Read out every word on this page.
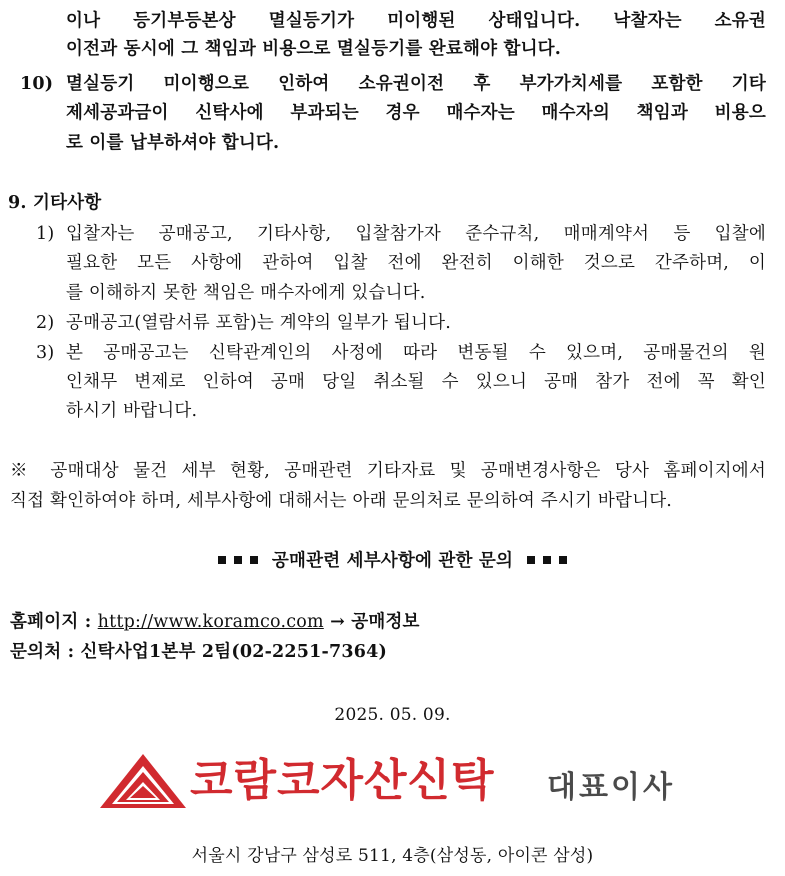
이나 등기부등본상 멸실등기가 미이행된 상태입니다. 낙찰자는 소유권
이전과 동시에 그 책임과 비용으로 멸실등기를 완료해야 합니다.
10) 멸실등기 미이행으로 인하여 소유권이전 후 부가가치세를 포함한 기타
제세공과금이 신탁사에 부과되는 경우 매수자는 매수자의 책임과 비용으
로 이를 납부하셔야 합니다.
9. 기타사항
1) 입찰자는 공매공고, 기타사항, 입찰참가자 준수규칙, 매매계약서 등 입찰에
필요한 모든 사항에 관하여 입찰 전에 완전히 이해한 것으로 간주하며, 이
를 이해하지 못한 책임은 매수자에게 있습니다.
2) 공매공고(열람서류 포함)는 계약의 일부가 됩니다.
3) 본 공매공고는 신탁관계인의 사정에 따라 변동될 수 있으며, 공매물건의 원
인채무 변제로 인하여 공매 당일 취소될 수 있으니 공매 참가 전에 꼭 확인
하시기 바랍니다.
※ 공매대상 물건 세부 현황, 공매관련 기타자료 및 공매변경사항은 당사 홈페이지에서
직접 확인하여야 하며, 세부사항에 대해서는 아래 문의처로 문의하여 주시기 바랍니다.
공매관련 세부사항에 관한 문의
홈페이지 : http://www.koramco.com → 공매정보
문의처 : 신탁사업1본부 2팀(02-2251-7364)
2025. 05. 09.
코람코자산신탁 대표이사
서울시 강남구 삼성로 511, 4층(삼성동, 아이콘 삼성)
